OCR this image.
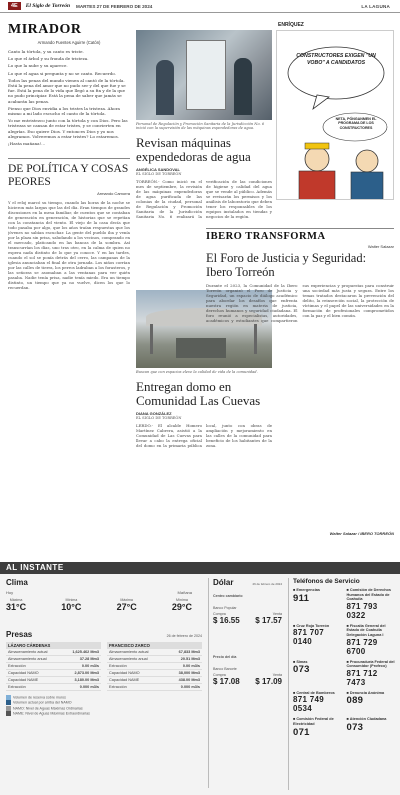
4E	El Siglo de Torreón MARTES 27 DE FEBRERO DE 2024	LA LAGUNA
MIRADOR
Armando Fuentes Aguirre (Catón)
Canto la tórtola, y su canto es triste.
Lo que el árbol y su fronda de tristeza.
Lo que la nube y su aparece.
Lo que el agua si pregunta y no se canto. Recuerdo.
Todos las penas del mundo vienen al cantó de la tórtola. Está la pena del amor que no pudo ser y del que fue y se fue. Está la pena de lo vida que llegó a su fin y de la que no pudo principiar. Está la pena de saber que jamás se acabarán las penas.
Pienso que Dios envidia a los tristes la tristeza. Ahora mismo a mi lado escucho el canto de la tórtola.
Yo me entristezco junto con la tórtola y con Dios. Pero las tristezas se cansan de estar tristes, y se convierten en alegrías. Eso quiere Dios. Y entonces Dios y yo nos alegramos. Volveremos a estar tristes? Lo estaremos.
¡Hasta mañana!...
DE POLÍTICA Y COSAS PEORES
Armando Camorra
Y el reloj marcó su tiempo, cuando las horas de la noche se hicieron más largas que las del día. Eran tiempos de grandes discusiones en la mesa familiar, de cuentos que se contaban de generación en generación, de historias que se repetían con la constancia del viento. El viejo de la casa decía que todo pasaba por algo, que los años traían respuestas que los jóvenes no sabían escuchar. La gente del pueblo iba y venía por la plaza sin prisa, saludando a los vecinos, comprando en el mercado, platicando en las bancas de la sombra. Así transcurrían los días, uno tras otro, en la calma de quien no espera nada distinto de lo que ya conoce. Y en las tardes, cuando el sol se ponía detrás del cerro, las campanas de la iglesia anunciaban el final de otra jornada. Los niños corrían por las calles de tierra, los perros ladraban a los forasteros, y las señoras se asomaban a las ventanas para ver quién pasaba. Nadie tenía prisa, nadie tenía miedo. Era un tiempo distinto, un tiempo que ya no vuelve, dicen los que lo recuerdan.
Personal de Regulación y Promoción Sanitaria de la Jurisdicción No. 6 inició con la supervisión de las máquinas expendedoras de agua.
Revisan máquinas expendedoras de agua
ANGÉLICA SANDOVAL
EL SIGLO DE TORREÓN
TORREÓN.- Como inició en el mes de septiembre, la revisión de las máquinas expendedoras de agua purificada de las colonias de la ciudad, personal de Regulación y Promoción Sanitaria de la Jurisdicción Sanitaria No. 6 realizará la verificación de las condiciones de higiene y calidad del agua que se vende al público. Además se revisarán los permisos y los análisis de laboratorio que deben tener los responsables de los equipos instalados en tiendas y negocios de la región.
Buscan que con espacios eleve la calidad de vida de la comunidad.
Entregan domo en Comunidad Las Cuevas
DIANA GONZÁLEZ
EL SIGLO DE TORREÓN
LERDO.- El alcalde Homero Martínez Cabrera, asistió a la Comunidad de Las Cuevas para llevar a cabo la entrega oficial del domo en la primaria pública local, junto con obras de ampliación y mejoramiento en las calles de la comunidad para beneficio de los habitantes de la zona.
ENRÍQUEZ
CONSTRUCTORES EXIGEN "UN VOBO" A CANDIDATOS
NETA, PÓNGANMEN EL PROGRAMA DE LOS CONSTRUCTORES
IBERO TRANSFORMA
Walter Salazar
El Foro de Justicia y Seguridad: Ibero Torreón
Durante el 2023, la Comunidad de la Ibero Torreón organizó el Foro de Justicia y Seguridad, un espacio de diálogo académico para abordar los desafíos que enfrenta nuestra región en materia de justicia, derechos humanos y seguridad ciudadana. El foro reunió a especialistas, autoridades, académicos y estudiantes que compartieron sus experiencias y propuestas para construir una sociedad más justa y segura. Entre los temas tratados destacaron la prevención del delito, la reinserción social, la protección de víctimas y el papel de las universidades en la formación de profesionales comprometidos con la paz y el bien común.
Walter Salazar / IBERO TORREÓN
AL INSTANTE
Clima
Hoy	Mañana
Máxima
31°C
Mínima
10°C
Máxima
27°C
Mínima
29°C
Presas	26 de febrero de 2024
LÁZARO CÁRDENAS
Almacenamiento actual	1,625.462 Mm3
Almacenamiento anual	37.28 Mm3
Extracción	0.00 m3/s
Capacidad NAMO	2,873.00 Mm3
Capacidad NAME	3,180.00 Mm3
Extracción	0.000 m3/s
FRANCISCO ZARCO
Almacenamiento actual	67,833 Mm3
Almacenamiento anual	20.51 Mm3
Extracción	0.00 m3/s
Capacidad NAMO	38,000 Mm3
Capacidad NAME	438.00 Mm3
Extracción	0.000 m3/s
Volumen de reserva sobre muros
Volumen actual por arriba del NAMO
NAMO: Nivel de Aguas Máximas Ordinarias
NAME: Nivel de Aguas Máximas Extraordinarias
Dólar	26 de febrero de 2024
Centro cambiario
Banco Popular
Compra	Venta
$ 16.55 $ 17.57
Precio del día
Banco Banorte
Compra	Venta
$ 17.08 $ 17.09
Teléfonos de Servicio
■ Emergencias
911
■ Comisión de Derechos Humanos del Estado de Coahuila
871 793 0322
■ Cruz Roja Torreón
871 707 0140
■ Fiscalía General del Estado de Coahuila Delegación Laguna I
871 729 6700
■ Simas
073
■ Procuraduría Federal del Consumidor (Profeco)
871 712 7473
■ Central de Bomberos
871 749 0534
■ Denuncia Anónima
089
■ Comisión Federal de Electricidad
071
■ Atención Ciudadana
073
